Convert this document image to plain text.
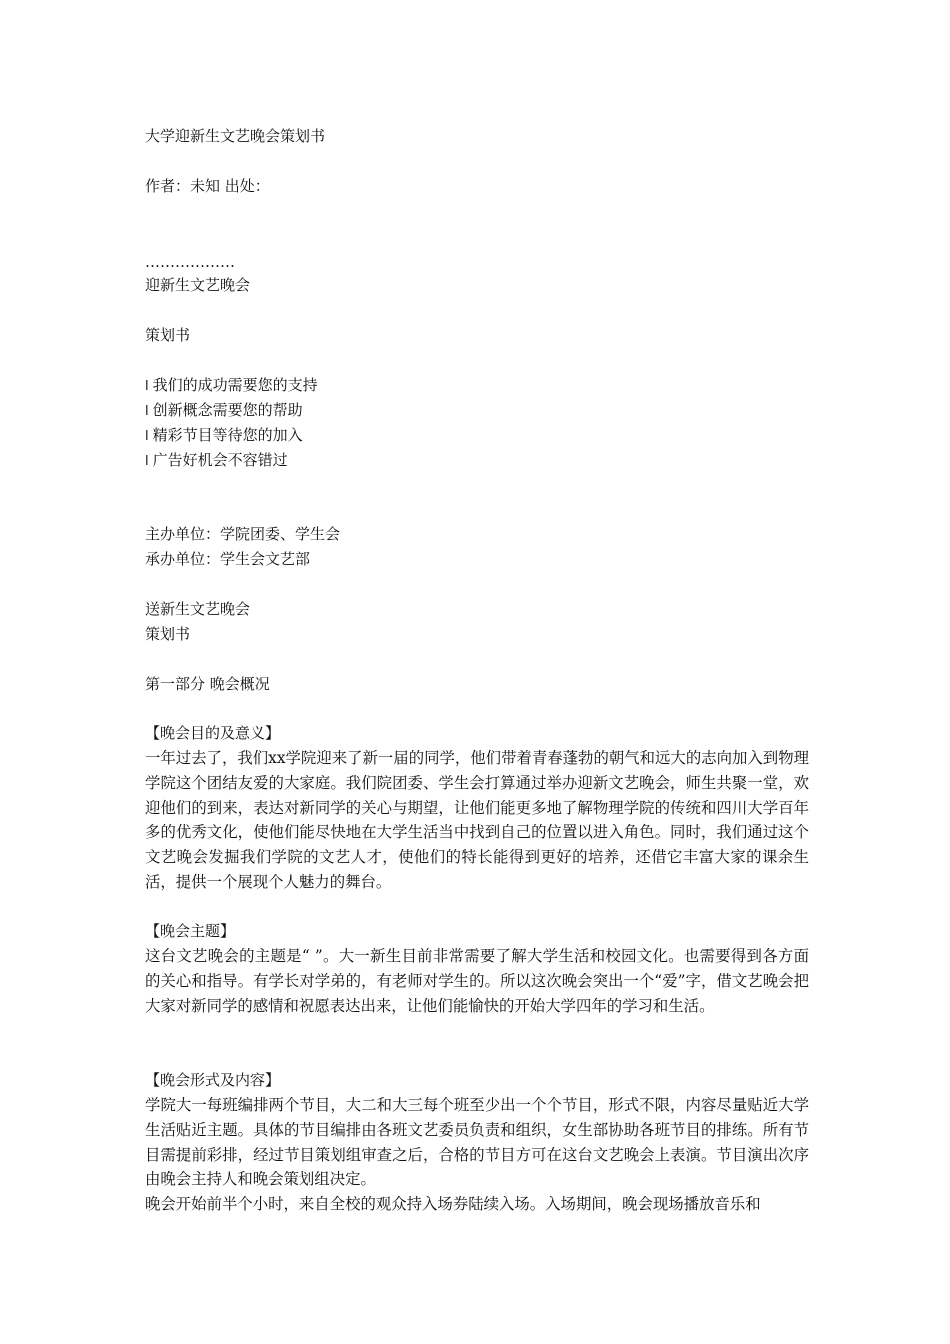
大学迎新生文艺晚会策划书
作者：未知 出处：
………………
迎新生文艺晚会
策划书
l 我们的成功需要您的支持
l 创新概念需要您的帮助
l 精彩节目等待您的加入
l 广告好机会不容错过
主办单位：学院团委、学生会
承办单位：学生会文艺部
送新生文艺晚会
策划书
第一部分 晚会概况
【晚会目的及意义】
一年过去了，我们xx学院迎来了新一届的同学，他们带着青春蓬勃的朝气和远大的志向加入到物理学院这个团结友爱的大家庭。我们院团委、学生会打算通过举办迎新文艺晚会，师生共聚一堂，欢迎他们的到来，表达对新同学的关心与期望，让他们能更多地了解物理学院的传统和四川大学百年多的优秀文化，使他们能尽快地在大学生活当中找到自己的位置以进入角色。同时，我们通过这个文艺晚会发掘我们学院的文艺人才，使他们的特长能得到更好的培养，还借它丰富大家的课余生活，提供一个展现个人魅力的舞台。
【晚会主题】
这台文艺晚会的主题是“ ”。大一新生目前非常需要了解大学生活和校园文化。也需要得到各方面的关心和指导。有学长对学弟的，有老师对学生的。所以这次晚会突出一个“爱”字，借文艺晚会把大家对新同学的感情和祝愿表达出来，让他们能愉快的开始大学四年的学习和生活。
【晚会形式及内容】
学院大一每班编排两个节目，大二和大三每个班至少出一个个节目，形式不限，内容尽量贴近大学生活贴近主题。具体的节目编排由各班文艺委员负责和组织，女生部协助各班节目的排练。所有节目需提前彩排，经过节目策划组审查之后，合格的节目方可在这台文艺晚会上表演。节目演出次序由晚会主持人和晚会策划组决定。
晚会开始前半个小时，来自全校的观众持入场券陆续入场。入场期间，晚会现场播放音乐和
